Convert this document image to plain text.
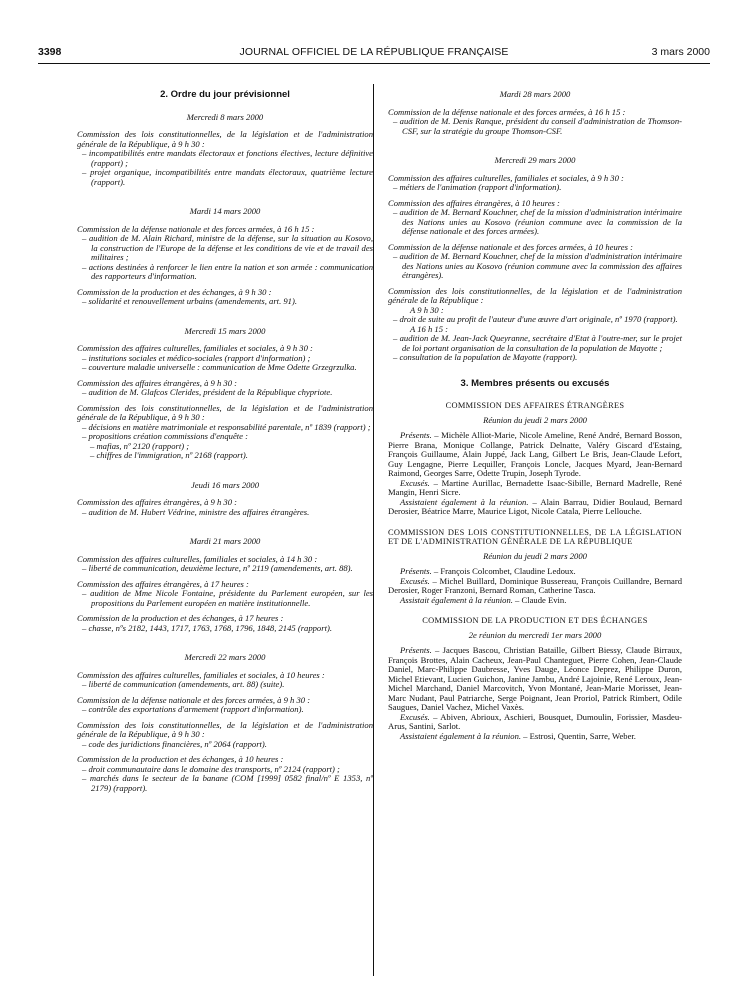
3398	JOURNAL OFFICIEL DE LA RÉPUBLIQUE FRANÇAISE	3 mars 2000
2. Ordre du jour prévisionnel
Mercredi 8 mars 2000
Commission des lois constitutionnelles, de la législation et de l'administration générale de la République, à 9 h 30 :
– incompatibilités entre mandats électoraux et fonctions électives, lecture définitive (rapport) ;
– projet organique, incompatibilités entre mandats électoraux, quatrième lecture (rapport).
Mardi 14 mars 2000
Commission de la défense nationale et des forces armées, à 16 h 15 :
– audition de M. Alain Richard, ministre de la défense, sur la situation au Kosovo, la construction de l'Europe de la défense et les conditions de vie et de travail des militaires ;
– actions destinées à renforcer le lien entre la nation et son armée : communication des rapporteurs d'information.
Commission de la production et des échanges, à 9 h 30 :
– solidarité et renouvellement urbains (amendements, art. 91).
Mercredi 15 mars 2000
Commission des affaires culturelles, familiales et sociales, à 9 h 30 :
– institutions sociales et médico-sociales (rapport d'information) ;
– couverture maladie universelle : communication de Mme Odette Grzegrzulka.
Commission des affaires étrangères, à 9 h 30 :
– audition de M. Glafcos Clerides, président de la République chypriote.
Commission des lois constitutionnelles, de la législation et de l'administration générale de la République, à 9 h 30 :
– décisions en matière matrimoniale et responsabilité parentale, nº 1839 (rapport) ;
– propositions création commissions d'enquête :
– mafias, nº 2120 (rapport) ;
– chiffres de l'immigration, nº 2168 (rapport).
Jeudi 16 mars 2000
Commission des affaires étrangères, à 9 h 30 :
– audition de M. Hubert Védrine, ministre des affaires étrangères.
Mardi 21 mars 2000
Commission des affaires culturelles, familiales et sociales, à 14 h 30 :
– liberté de communication, deuxième lecture, nº 2119 (amendements, art. 88).
Commission des affaires étrangères, à 17 heures :
– audition de Mme Nicole Fontaine, présidente du Parlement européen, sur les propositions du Parlement européen en matière institutionnelle.
Commission de la production et des échanges, à 17 heures :
– chasse, nºs 2182, 1443, 1717, 1763, 1768, 1796, 1848, 2145 (rapport).
Mercredi 22 mars 2000
Commission des affaires culturelles, familiales et sociales, à 10 heures :
– liberté de communication (amendements, art. 88) (suite).
Commission de la défense nationale et des forces armées, à 9 h 30 :
– contrôle des exportations d'armement (rapport d'information).
Commission des lois constitutionnelles, de la législation et de l'administration générale de la République, à 9 h 30 :
– code des juridictions financières, nº 2064 (rapport).
Commission de la production et des échanges, à 10 heures :
– droit communautaire dans le domaine des transports, nº 2124 (rapport) ;
– marchés dans le secteur de la banane (COM [1999] 0582 final/nº E 1353, nº 2179) (rapport).
Mardi 28 mars 2000
Commission de la défense nationale et des forces armées, à 16 h 15 :
– audition de M. Denis Ranque, président du conseil d'administration de Thomson-CSF, sur la stratégie du groupe Thomson-CSF.
Mercredi 29 mars 2000
Commission des affaires culturelles, familiales et sociales, à 9 h 30 :
– métiers de l'animation (rapport d'information).
Commission des affaires étrangères, à 10 heures :
– audition de M. Bernard Kouchner, chef de la mission d'administration intérimaire des Nations unies au Kosovo (réunion commune avec la commission de la défense nationale et des forces armées).
Commission de la défense nationale et des forces armées, à 10 heures :
– audition de M. Bernard Kouchner, chef de la mission d'administration intérimaire des Nations unies au Kosovo (réunion commune avec la commission des affaires étrangères).
Commission des lois constitutionnelles, de la législation et de l'administration générale de la République :
A 9 h 30 :
– droit de suite au profit de l'auteur d'une œuvre d'art originale, nº 1970 (rapport).
A 16 h 15 :
– audition de M. Jean-Jack Queyranne, secrétaire d'Etat à l'outre-mer, sur le projet de loi portant organisation de la consultation de la population de Mayotte ;
– consultation de la population de Mayotte (rapport).
3. Membres présents ou excusés
COMMISSION DES AFFAIRES ÉTRANGÈRES
Réunion du jeudi 2 mars 2000
Présents. – Michèle Alliot-Marie, Nicole Ameline, René André, Bernard Bosson, Pierre Brana, Monique Collange, Patrick Delnatte, Valéry Giscard d'Estaing, François Guillaume, Alain Juppé, Jack Lang, Gilbert Le Bris, Jean-Claude Lefort, Guy Lengagne, Pierre Lequiller, François Loncle, Jacques Myard, Jean-Bernard Raimond, Georges Sarre, Odette Trupin, Joseph Tyrode.
Excusés. – Martine Aurillac, Bernadette Isaac-Sibille, Bernard Madrelle, René Mangin, Henri Sicre.
Assistaient également à la réunion. – Alain Barrau, Didier Boulaud, Bernard Derosier, Béatrice Marre, Maurice Ligot, Nicole Catala, Pierre Lellouche.
COMMISSION DES LOIS CONSTITUTIONNELLES, DE LA LÉGISLATION ET DE L'ADMINISTRATION GÉNÉRALE DE LA RÉPUBLIQUE
Réunion du jeudi 2 mars 2000
Présents. – François Colcombet, Claudine Ledoux.
Excusés. – Michel Buillard, Dominique Bussereau, François Cuillandre, Bernard Derosier, Roger Franzoni, Bernard Roman, Catherine Tasca.
Assistait également à la réunion. – Claude Evin.
COMMISSION DE LA PRODUCTION ET DES ÉCHANGES
2e réunion du mercredi 1er mars 2000
Présents. – Jacques Bascou, Christian Bataille, Gilbert Biessy, Claude Birraux, François Brottes, Alain Cacheux, Jean-Paul Chanteguet, Pierre Cohen, Jean-Claude Daniel, Marc-Philippe Daubresse, Yves Dauge, Léonce Deprez, Philippe Duron, Michel Etievant, Lucien Guichon, Janine Jambu, André Lajoinie, René Leroux, Jean-Michel Marchand, Daniel Marcovitch, Yvon Montané, Jean-Marie Morisset, Jean-Marc Nudant, Paul Patriarche, Serge Poignant, Jean Proriol, Patrick Rimbert, Odile Saugues, Daniel Vachez, Michel Vaxès.
Excusés. – Abiven, Abrioux, Aschieri, Bousquet, Dumoulin, Forissier, Masdeu-Arus, Santini, Sarlot.
Assistaient également à la réunion. – Estrosi, Quentin, Sarre, Weber.
